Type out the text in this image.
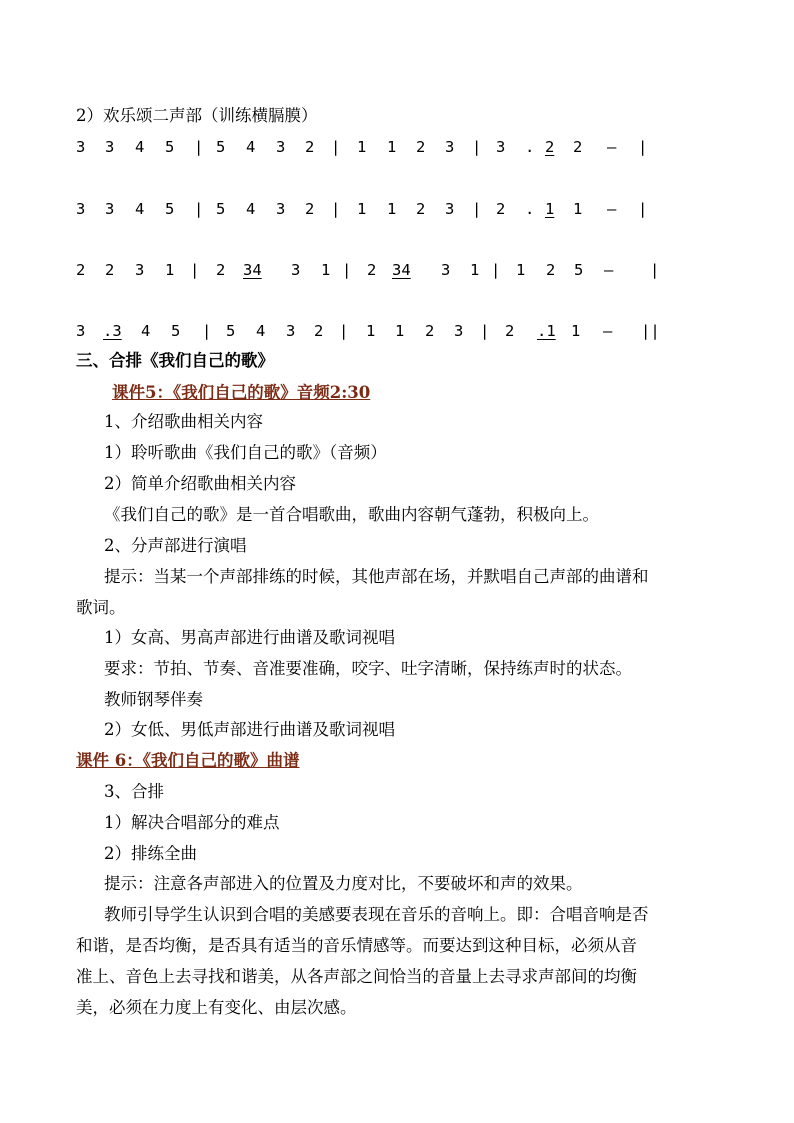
2）欢乐颂二声部（训练横膈膜）
3 3 4 5 | 5 4 3 2 | 1 1 2 3 | 3 . 2 2 — |
3 3 4 5 | 5 4 3 2 | 1 1 2 3 | 2 . 1 1 — |
2 2 3 1 | 2 34 3 1 | 2 34 3 1 | 1 2 5 — |
3 .3 4 5 | 5 4 3 2 | 1 1 2 3 | 2 .1 1 — ||
三、合排《我们自己的歌》
课件5：《我们自己的歌》音频2:30
1、介绍歌曲相关内容
1）聆听歌曲《我们自己的歌》（音频）
2）简单介绍歌曲相关内容
《我们自己的歌》是一首合唱歌曲，歌曲内容朝气蓬勃，积极向上。
2、分声部进行演唱
提示：当某一个声部排练的时候，其他声部在场，并默唱自己声部的曲谱和
歌词。
1）女高、男高声部进行曲谱及歌词视唱
要求：节拍、节奏、音准要准确，咬字、吐字清晰，保持练声时的状态。
教师钢琴伴奏
2）女低、男低声部进行曲谱及歌词视唱
课件 6：《我们自己的歌》曲谱
3、合排
1）解决合唱部分的难点
2）排练全曲
提示：注意各声部进入的位置及力度对比，不要破坏和声的效果。
教师引导学生认识到合唱的美感要表现在音乐的音响上。即：合唱音响是否
和谐，是否均衡，是否具有适当的音乐情感等。而要达到这种目标，必须从音
准上、音色上去寻找和谐美，从各声部之间恰当的音量上去寻求声部间的均衡
美，必须在力度上有变化、由层次感。
